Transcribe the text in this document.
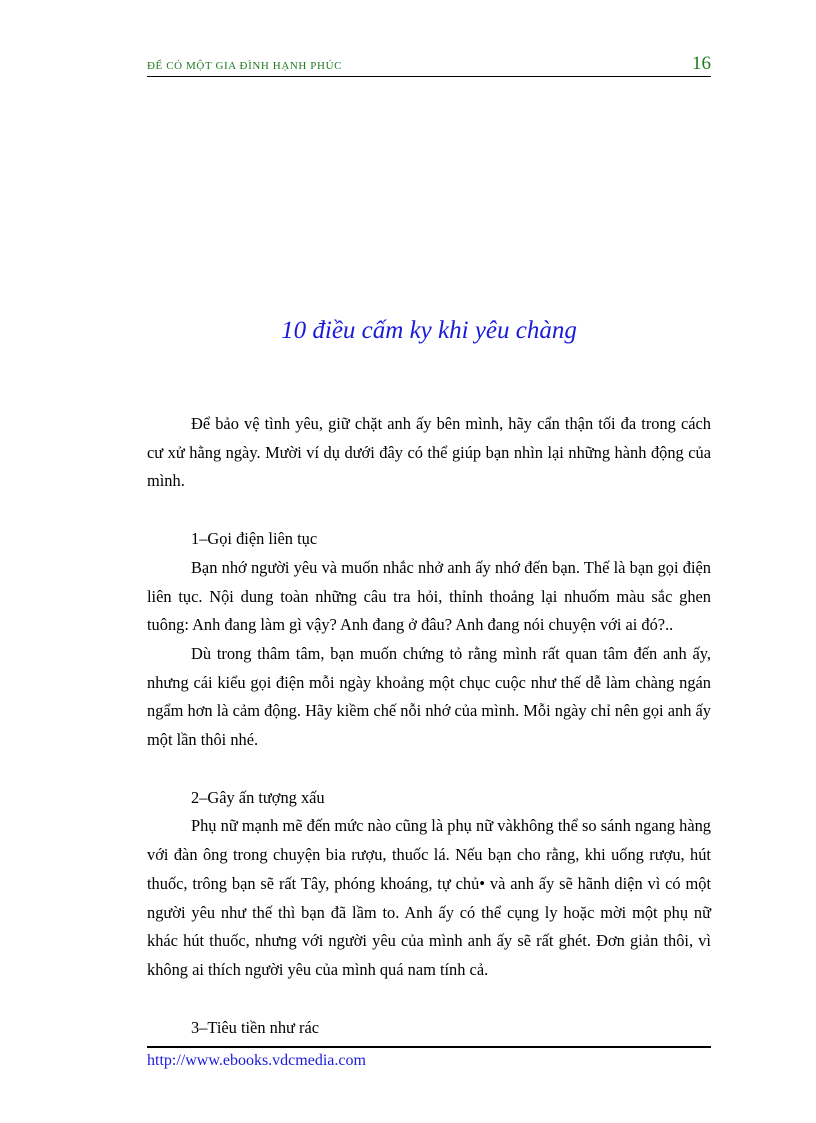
ĐỂ CÓ MỘT GIA ĐÌNH HẠNH PHÚC	16
10 điều cấm ky khi yêu chàng

Để bảo vệ tình yêu, giữ chặt anh ấy bên mình, hãy cẩn thận tối đa trong cách cư xử hằng ngày. Mười ví dụ dưới đây có thể giúp bạn nhìn lại những hành động của mình.

1–Gọi điện liên tục

Bạn nhớ người yêu và muốn nhắc nhở anh ấy nhớ đến bạn. Thế là bạn gọi điện liên tục. Nội dung toàn những câu tra hỏi, thỉnh thoảng lại nhuốm màu sắc ghen tuông: Anh đang làm gì vậy? Anh đang ở đâu? Anh đang nói chuyện với ai đó?..

Dù trong thâm tâm, bạn muốn chứng tỏ rằng mình rất quan tâm đến anh ấy, nhưng cái kiểu gọi điện mỗi ngày khoảng một chục cuộc như thế dễ làm chàng ngán ngẩm hơn là cảm động. Hãy kiềm chế nỗi nhớ của mình. Mỗi ngày chỉ nên gọi anh ấy một lần thôi nhé.

2–Gây ấn tượng xấu

Phụ nữ mạnh mẽ đến mức nào cũng là phụ nữ vàkhông thể so sánh ngang hàng với đàn ông trong chuyện bia rượu, thuốc lá. Nếu bạn cho rằng, khi uống rượu, hút thuốc, trông bạn sẽ rất Tây, phóng khoáng, tự chủ• và anh ấy sẽ hãnh diện vì có một người yêu như thế thì bạn đã lầm to. Anh ấy có thể cụng ly hoặc mời một phụ nữ khác hút thuốc, nhưng với người yêu của mình anh ấy sẽ rất ghét. Đơn giản thôi, vì không ai thích người yêu của mình quá nam tính cả.

3–Tiêu tiền như rác

http://www.ebooks.vdcmedia.com
